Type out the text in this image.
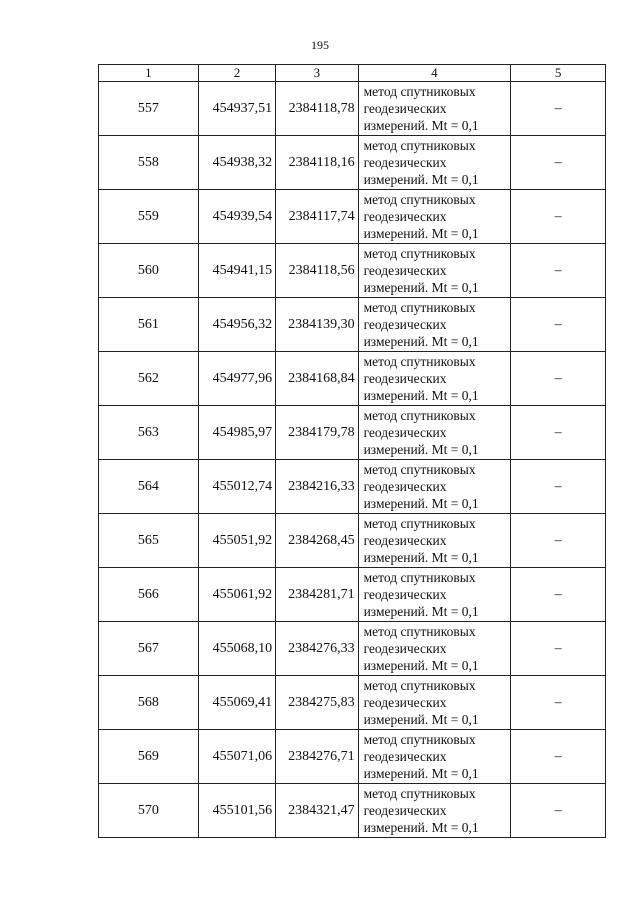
195
1	2	3	4	5
557	454937,51	2384118,78	метод спутниковых
геодезических
измерений. Mt = 0,1	–
558	454938,32	2384118,16	метод спутниковых
геодезических
измерений. Mt = 0,1	–
559	454939,54	2384117,74	метод спутниковых
геодезических
измерений. Mt = 0,1	–
560	454941,15	2384118,56	метод спутниковых
геодезических
измерений. Mt = 0,1	–
561	454956,32	2384139,30	метод спутниковых
геодезических
измерений. Mt = 0,1	–
562	454977,96	2384168,84	метод спутниковых
геодезических
измерений. Mt = 0,1	–
563	454985,97	2384179,78	метод спутниковых
геодезических
измерений. Mt = 0,1	–
564	455012,74	2384216,33	метод спутниковых
геодезических
измерений. Mt = 0,1	–
565	455051,92	2384268,45	метод спутниковых
геодезических
измерений. Mt = 0,1	–
566	455061,92	2384281,71	метод спутниковых
геодезических
измерений. Mt = 0,1	–
567	455068,10	2384276,33	метод спутниковых
геодезических
измерений. Mt = 0,1	–
568	455069,41	2384275,83	метод спутниковых
геодезических
измерений. Mt = 0,1	–
569	455071,06	2384276,71	метод спутниковых
геодезических
измерений. Mt = 0,1	–
570	455101,56	2384321,47	метод спутниковых
геодезических
измерений. Mt = 0,1	–
